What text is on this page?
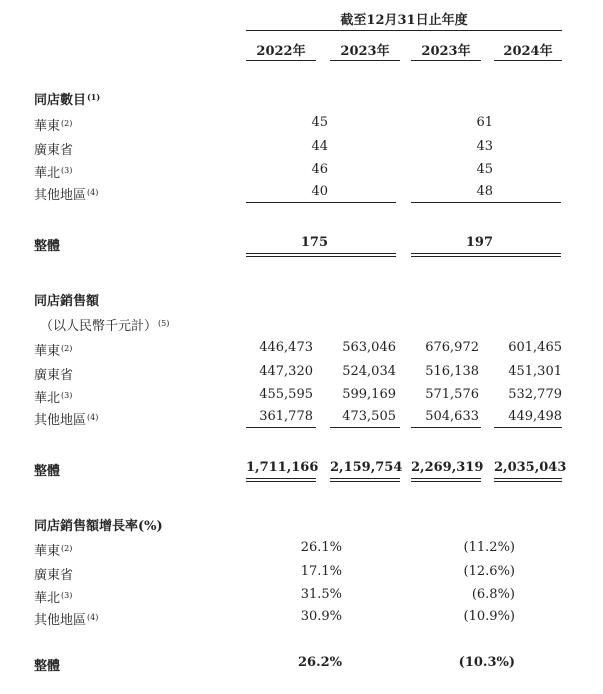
截至12月31日止年度
2022年	2023年	2023年	2024年
同店數目$^{(1)}$
華東$^{(2)}$	45	61
廣東省	44	43
華北$^{(3)}$	46	45
其他地區$^{(4)}$	40	48
整體	175	197
同店銷售額
（以人民幣千元計）$^{(5)}$
華東$^{(2)}$	446,473	563,046	676,972	601,465
廣東省	447,320	524,034	516,138	451,301
華北$^{(3)}$	455,595	599,169	571,576	532,779
其他地區$^{(4)}$	361,778	473,505	504,633	449,498
整體	1,711,166 2,159,754 2,269,319 2,035,043
同店銷售額增長率(%)
華東$^{(2)}$	26.1%	(11.2%)
廣東省	17.1%	(12.6%)
華北$^{(3)}$	31.5%	(6.8%)
其他地區$^{(4)}$	30.9%	(10.9%)
整體	26.2%	(10.3%)
